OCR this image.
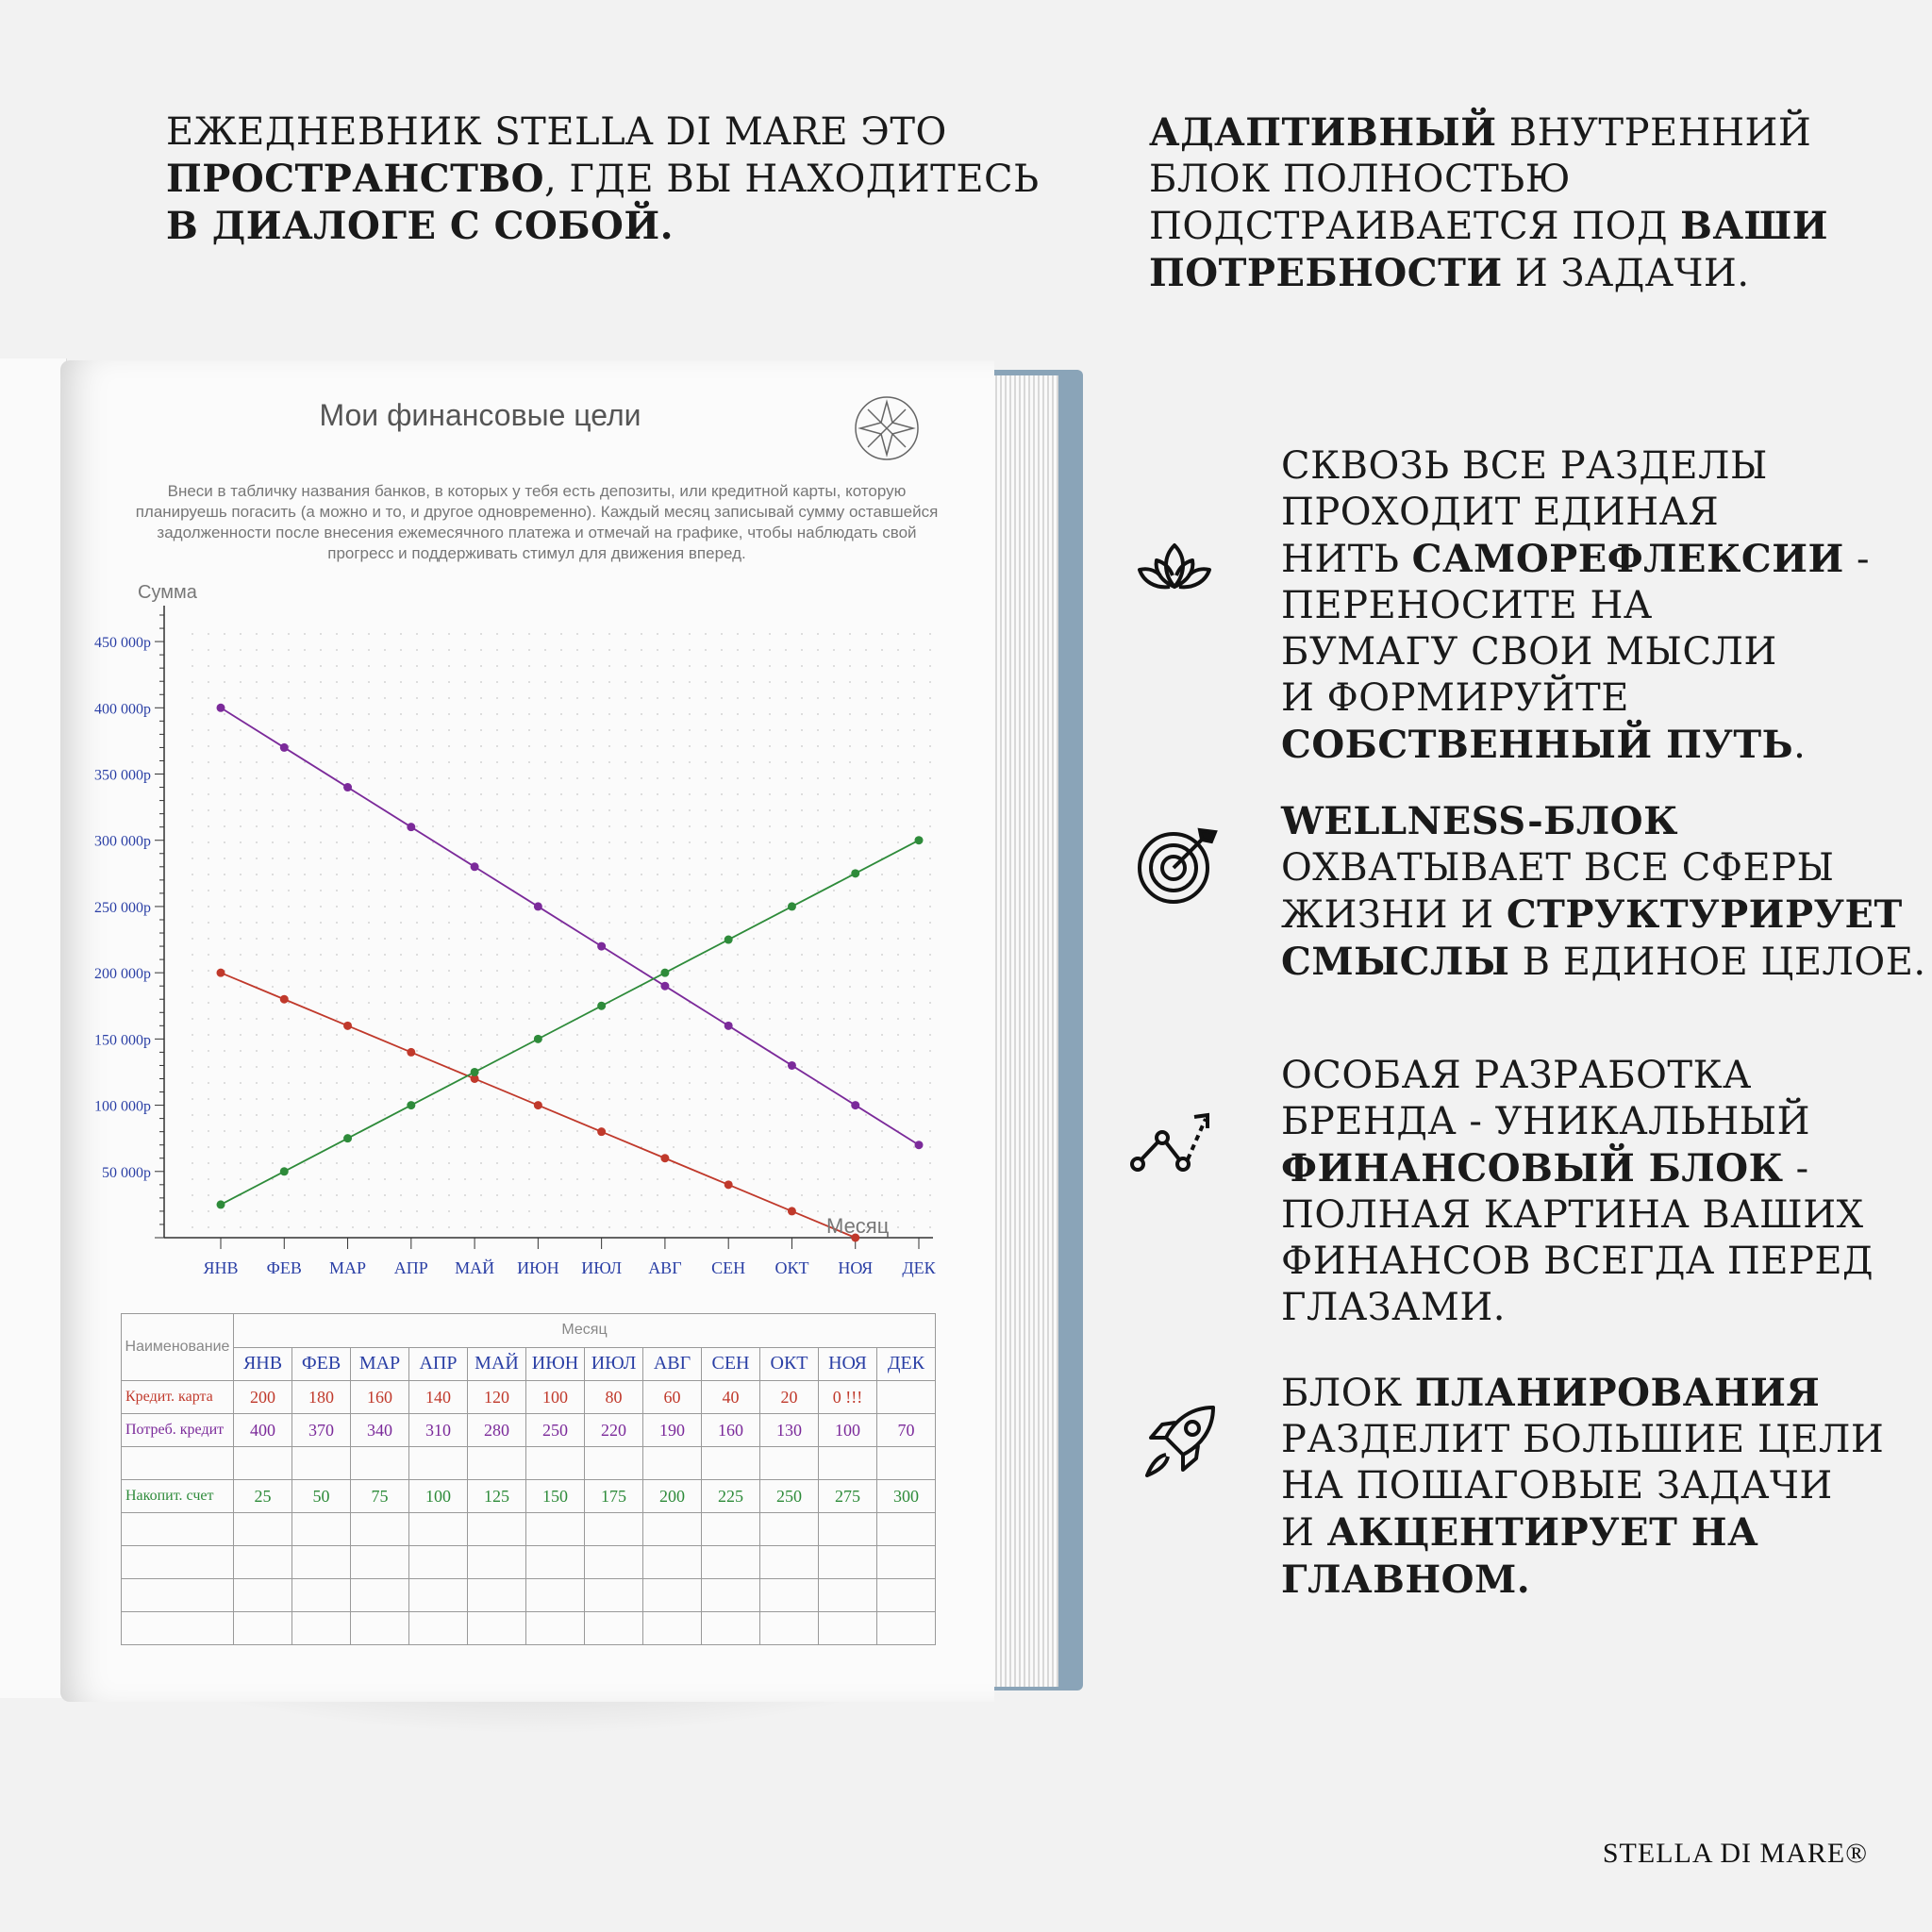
ЕЖЕДНЕВНИК STELLA DI MARE ЭТО
ПРОСТРАНСТВО, ГДЕ ВЫ НАХОДИТЕСЬ
В ДИАЛОГЕ С СОБОЙ.
АДАПТИВНЫЙ ВНУТРЕННИЙ
БЛОК ПОЛНОСТЬЮ
ПОДСТРАИВАЕТСЯ ПОД ВАШИ
ПОТРЕБНОСТИ И ЗАДАЧИ.
СКВОЗЬ ВСЕ РАЗДЕЛЫ
ПРОХОДИТ ЕДИНАЯ
НИТЬ САМОРЕФЛЕКСИИ -
ПЕРЕНОСИТЕ НА
БУМАГУ СВОИ МЫСЛИ
И ФОРМИРУЙТЕ
СОБСТВЕННЫЙ ПУТЬ.
WELLNESS-БЛОК
ОХВАТЫВАЕТ ВСЕ СФЕРЫ
ЖИЗНИ И СТРУКТУРИРУЕТ
СМЫСЛЫ В ЕДИНОЕ ЦЕЛОЕ.
ОСОБАЯ РАЗРАБОТКА
БРЕНДА - УНИКАЛЬНЫЙ
ФИНАНСОВЫЙ БЛОК -
ПОЛНАЯ КАРТИНА ВАШИХ
ФИНАНСОВ ВСЕГДА ПЕРЕД
ГЛАЗАМИ.
БЛОК ПЛАНИРОВАНИЯ
РАЗДЕЛИТ БОЛЬШИЕ ЦЕЛИ
НА ПОШАГОВЫЕ ЗАДАЧИ
И АКЦЕНТИРУЕТ НА
ГЛАВНОМ.
STELLA DI MARE®
Мои финансовые цели
Внеси в табличку названия банков, в которых у тебя есть депозиты, или кредитной карты, которую планируешь погасить (а можно и то, и другое одновременно). Каждый месяц записывай сумму оставшейся задолженности после внесения ежемесячного платежа и отмечай на графике, чтобы наблюдать свой прогресс и поддерживать стимул для движения вперед.
Сумма
Месяц
50 000р
100 000р
150 000р
200 000р
250 000р
300 000р
350 000р
400 000р
450 000р
ЯНВ ФЕВ МАР АПР МАЙ ИЮН ИЮЛ АВГ СЕН ОКТ НОЯ ДЕК
Наименование	Месяц											
	ЯНВ	ФЕВ	МАР	АПР	МАЙ	ИЮН	ИЮЛ	АВГ	СЕН	ОКТ	НОЯ	ДЕК
Кредит. карта	200	180	160	140	120	100	80	60	40	20	0 !!!	
Потреб. кредит	400	370	340	310	280	250	220	190	160	130	100	70

Накопит. счет	25	50	75	100	125	150	175	200	225	250	275	300
